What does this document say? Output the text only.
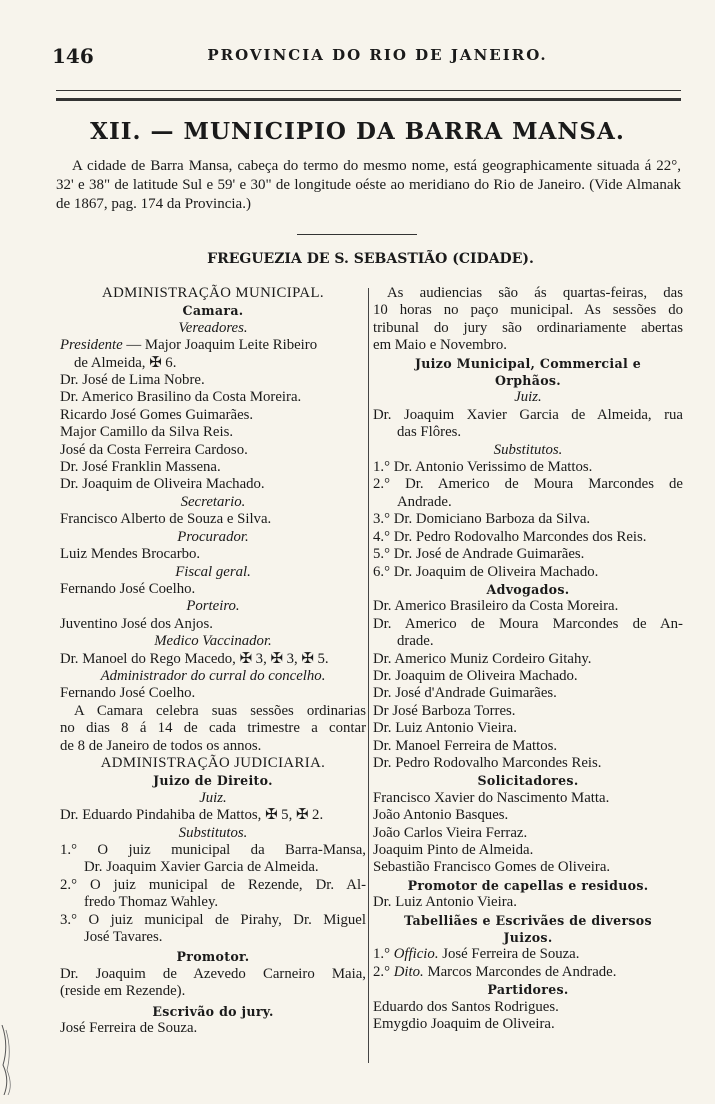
146	PROVINCIA DO RIO DE JANEIRO.
XII. — MUNICIPIO DA BARRA MANSA.
A cidade de Barra Mansa, cabeça do termo do mesmo nome, está geographicamente situada á 22°, 32' e 38" de latitude Sul e 59' e 30" de longitude oéste ao meridiano do Rio de Janeiro. (Vide Almanak de 1867, pag. 174 da Provincia.)
FREGUEZIA DE S. SEBASTIÃO (CIDADE).
ADMINISTRAÇÃO MUNICIPAL.
Camara.
Vereadores.
Presidente — Major Joaquim Leite Ribeiro
de Almeida, ✠ 6.
Dr. José de Lima Nobre.
Dr. Americo Brasilino da Costa Moreira.
Ricardo José Gomes Guimarães.
Major Camillo da Silva Reis.
José da Costa Ferreira Cardoso.
Dr. José Franklin Massena.
Dr. Joaquim de Oliveira Machado.
Secretario.
Francisco Alberto de Souza e Silva.
Procurador.
Luiz Mendes Brocarbo.
Fiscal geral.
Fernando José Coelho.
Porteiro.
Juventino José dos Anjos.
Medico Vaccinador.
Dr. Manoel do Rego Macedo, ✠ 3, ✠ 3, ✠ 5.
Administrador do curral do concelho.
Fernando José Coelho.
A Camara celebra suas sessões ordinarias
no dias 8 á 14 de cada trimestre a contar
de 8 de Janeiro de todos os annos.
ADMINISTRAÇÃO JUDICIARIA.
Juizo de Direito.
Juiz.
Dr. Eduardo Pindahiba de Mattos, ✠ 5, ✠ 2.
Substitutos.
1.° O juiz municipal da Barra-Mansa,
Dr. Joaquim Xavier Garcia de Almeida.
2.° O juiz municipal de Rezende, Dr. Al-
fredo Thomaz Wahley.
3.° O juiz municipal de Pirahy, Dr. Miguel
José Tavares.
Promotor.
Dr. Joaquim de Azevedo Carneiro Maia,
(reside em Rezende).
Escrivão do jury.
José Ferreira de Souza.
As audiencias são ás quartas-feiras, das
10 horas no paço municipal. As sessões do
tribunal do jury são ordinariamente abertas
em Maio e Novembro.
Juizo Municipal, Commercial e
Orphãos.
Juiz.
Dr. Joaquim Xavier Garcia de Almeida, rua
das Flôres.
Substitutos.
1.° Dr. Antonio Verissimo de Mattos.
2.° Dr. Americo de Moura Marcondes de
Andrade.
3.° Dr. Domiciano Barboza da Silva.
4.° Dr. Pedro Rodovalho Marcondes dos Reis.
5.° Dr. José de Andrade Guimarães.
6.° Dr. Joaquim de Oliveira Machado.
Advogados.
Dr. Americo Brasileiro da Costa Moreira.
Dr. Americo de Moura Marcondes de An-
drade.
Dr. Americo Muniz Cordeiro Gitahy.
Dr. Joaquim de Oliveira Machado.
Dr. José d'Andrade Guimarães.
Dr José Barboza Torres.
Dr. Luiz Antonio Vieira.
Dr. Manoel Ferreira de Mattos.
Dr. Pedro Rodovalho Marcondes Reis.
Solicitadores.
Francisco Xavier do Nascimento Matta.
João Antonio Basques.
João Carlos Vieira Ferraz.
Joaquim Pinto de Almeida.
Sebastião Francisco Gomes de Oliveira.
Promotor de capellas e residuos.
Dr. Luiz Antonio Vieira.
Tabelliães e Escrivães de diversos
Juizos.
1.° Officio. José Ferreira de Souza.
2.° Dito. Marcos Marcondes de Andrade.
Partidores.
Eduardo dos Santos Rodrigues.
Emygdio Joaquim de Oliveira.
